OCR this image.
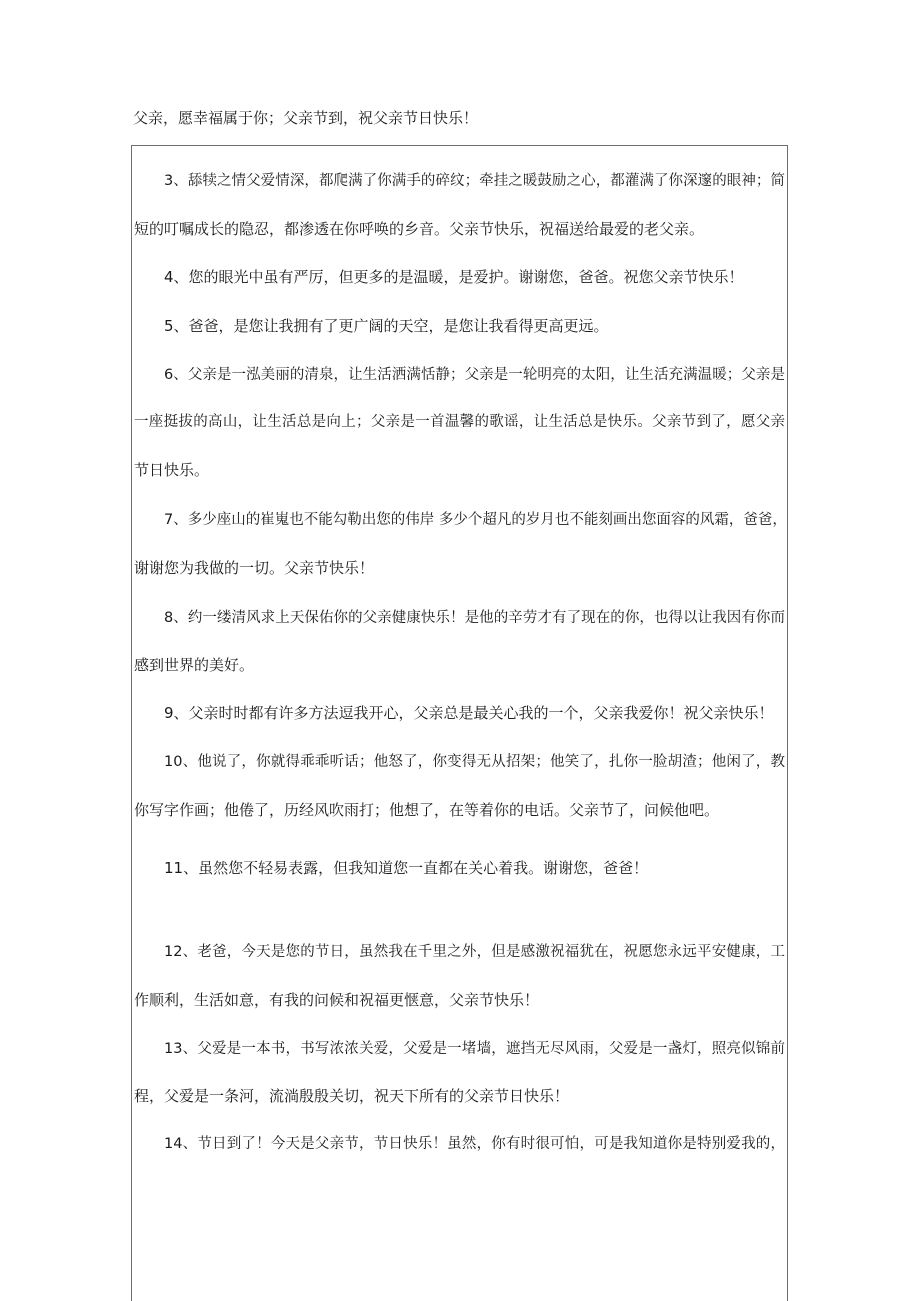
父亲，愿幸福属于你；父亲节到，祝父亲节日快乐！
3、舔犊之情父爱情深，都爬满了你满手的碎纹；牵挂之暖鼓励之心，都灌满了你深邃的眼神；简
短的叮嘱成长的隐忍，都渗透在你呼唤的乡音。父亲节快乐，祝福送给最爱的老父亲。
4、您的眼光中虽有严厉，但更多的是温暖，是爱护。谢谢您，爸爸。祝您父亲节快乐！
5、爸爸，是您让我拥有了更广阔的天空，是您让我看得更高更远。
6、父亲是一泓美丽的清泉，让生活洒满恬静；父亲是一轮明亮的太阳，让生活充满温暖；父亲是
一座挺拔的高山，让生活总是向上；父亲是一首温馨的歌谣，让生活总是快乐。父亲节到了，愿父亲
节日快乐。
7、多少座山的崔嵬也不能勾勒出您的伟岸 多少个超凡的岁月也不能刻画出您面容的风霜，爸爸，
谢谢您为我做的一切。父亲节快乐！
8、约一缕清风求上天保佑你的父亲健康快乐！是他的辛劳才有了现在的你，也得以让我因有你而
感到世界的美好。
9、父亲时时都有许多方法逗我开心，父亲总是最关心我的一个，父亲我爱你！祝父亲快乐！
10、他说了，你就得乖乖听话；他怒了，你变得无从招架；他笑了，扎你一脸胡渣；他闲了，教
你写字作画；他倦了，历经风吹雨打；他想了，在等着你的电话。父亲节了，问候他吧。
11、虽然您不轻易表露，但我知道您一直都在关心着我。谢谢您，爸爸！
12、老爸，今天是您的节日，虽然我在千里之外，但是感激祝福犹在，祝愿您永远平安健康，工
作顺利，生活如意，有我的问候和祝福更惬意，父亲节快乐！
13、父爱是一本书，书写浓浓关爱，父爱是一堵墙，遮挡无尽风雨，父爱是一盏灯，照亮似锦前
程，父爱是一条河，流淌殷殷关切，祝天下所有的父亲节日快乐！
14、节日到了！今天是父亲节，节日快乐！虽然，你有时很可怕，可是我知道你是特别爱我的，
